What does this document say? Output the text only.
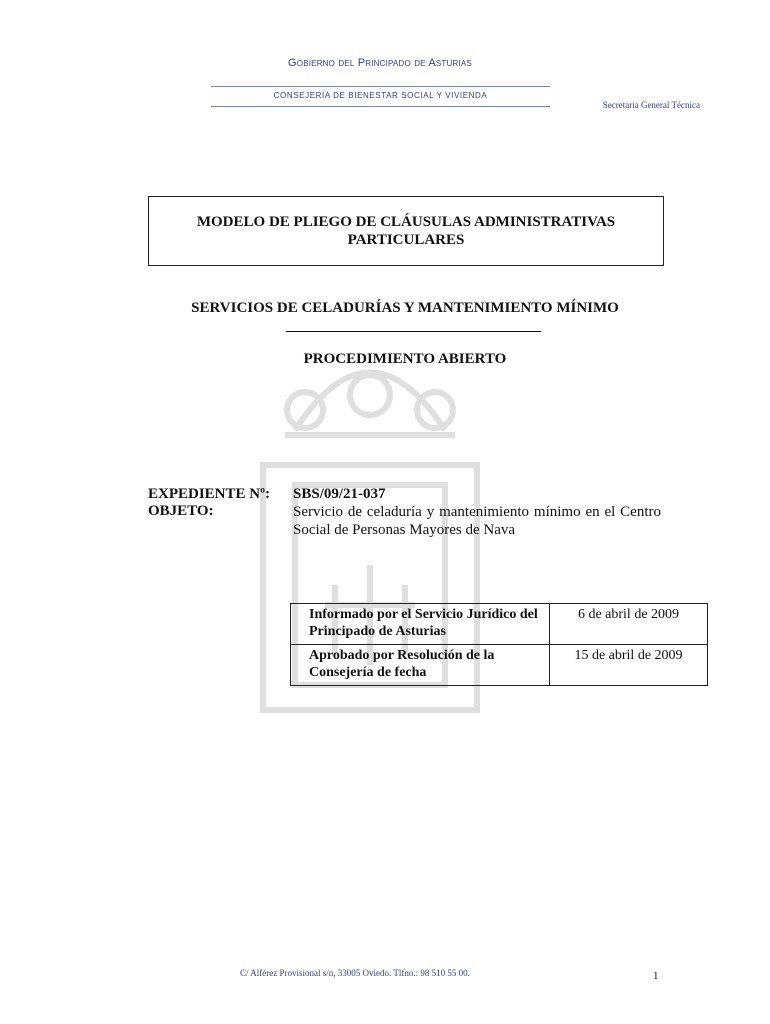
Gobierno del Principado de Asturias
CONSEJERÍA DE BIENESTAR SOCIAL Y VIVIENDA
Secretaría General Técnica
MODELO DE PLIEGO DE CLÁUSULAS ADMINISTRATIVAS
PARTICULARES
SERVICIOS DE CELADURÍAS Y MANTENIMIENTO MÍNIMO
PROCEDIMIENTO ABIERTO
EXPEDIENTE Nº: SBS/09/21-037
OBJETO:	Servicio de celaduría y mantenimiento mínimo en el Centro Social de Personas Mayores de Nava
Informado por el Servicio Jurídico del Principado de Asturias	6 de abril de 2009
Aprobado por Resolución de la Consejería de fecha	15 de abril de 2009
C/ Alférez Provisional s/n, 33005 Oviedo. Tlfno.: 98 510 55 00.	1
